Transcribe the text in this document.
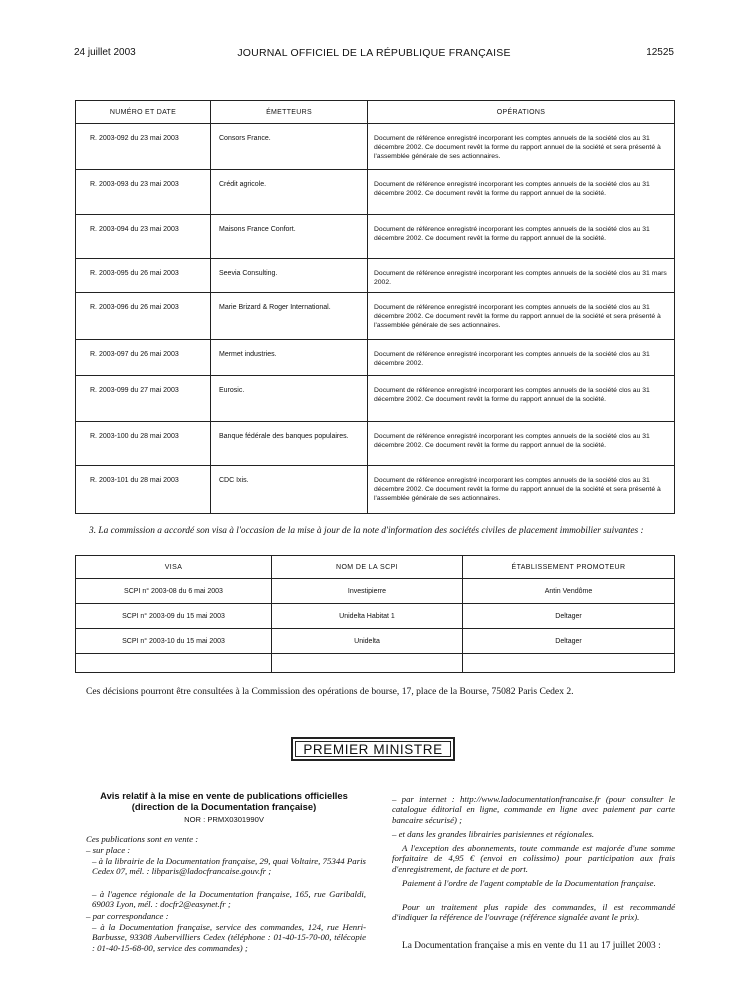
24 juillet 2003	JOURNAL OFFICIEL DE LA RÉPUBLIQUE FRANÇAISE	12525
NUMÉRO ET DATE	ÉMETTEURS	OPÉRATIONS
R. 2003-092 du 23 mai 2003	Consors France.	Document de référence enregistré incorporant les comptes annuels de la société clos au 31 décembre 2002. Ce document revêt la forme du rapport annuel de la société et sera présenté à l'assemblée générale de ses actionnaires.
R. 2003-093 du 23 mai 2003	Crédit agricole.	Document de référence enregistré incorporant les comptes annuels de la société clos au 31 décembre 2002. Ce document revêt la forme du rapport annuel de la société.
R. 2003-094 du 23 mai 2003	Maisons France Confort.	Document de référence enregistré incorporant les comptes annuels de la société clos au 31 décembre 2002. Ce document revêt la forme du rapport annuel de la société.
R. 2003-095 du 26 mai 2003	Seevia Consulting.	Document de référence enregistré incorporant les comptes annuels de la société clos au 31 mars 2002.
R. 2003-096 du 26 mai 2003	Marie Brizard & Roger International.	Document de référence enregistré incorporant les comptes annuels de la société clos au 31 décembre 2002. Ce document revêt la forme du rapport annuel de la société et sera présenté à l'assemblée générale de ses actionnaires.
R. 2003-097 du 26 mai 2003	Mermet industries.	Document de référence enregistré incorporant les comptes annuels de la société clos au 31 décembre 2002.
R. 2003-099 du 27 mai 2003	Eurosic.	Document de référence enregistré incorporant les comptes annuels de la société clos au 31 décembre 2002. Ce document revêt la forme du rapport annuel de la société.
R. 2003-100 du 28 mai 2003	Banque fédérale des banques populaires.	Document de référence enregistré incorporant les comptes annuels de la société clos au 31 décembre 2002. Ce document revêt la forme du rapport annuel de la société.
R. 2003-101 du 28 mai 2003	CDC Ixis.	Document de référence enregistré incorporant les comptes annuels de la société clos au 31 décembre 2002. Ce document revêt la forme du rapport annuel de la société et sera présenté à l'assemblée générale de ses actionnaires.

3. La commission a accordé son visa à l'occasion de la mise à jour de la note d'information des sociétés civiles de placement immobilier suivantes :

VISA	NOM DE LA SCPI	ÉTABLISSEMENT PROMOTEUR
SCPI n° 2003-08 du 6 mai 2003	Investipierre	Antin Vendôme
SCPI n° 2003-09 du 15 mai 2003	Unidelta Habitat 1	Deltager
SCPI n° 2003-10 du 15 mai 2003	Unidelta	Deltager

Ces décisions pourront être consultées à la Commission des opérations de bourse, 17, place de la Bourse, 75082 Paris Cedex 2.
PREMIER MINISTRE
Avis relatif à la mise en vente de publications officielles
(direction de la Documentation française)
NOR : PRMX0301990V
Ces publications sont en vente :
– sur place :
– à la librairie de la Documentation française, 29, quai Voltaire, 75344 Paris Cedex 07, mél. : libparis@ladocfrancaise.gouv.fr ;
– à l'agence régionale de la Documentation française, 165, rue Garibaldi, 69003 Lyon, mél. : docfr2@easynet.fr ;
– par correspondance :
– à la Documentation française, service des commandes, 124, rue Henri-Barbusse, 93308 Aubervilliers Cedex (téléphone : 01-40-15-70-00, télécopie : 01-40-15-68-00, service des commandes) ;
– par internet : http://www.ladocumentationfrancaise.fr (pour consulter le catalogue éditorial en ligne, commande en ligne avec paiement par carte bancaire sécurisé) ;
– et dans les grandes librairies parisiennes et régionales.
A l'exception des abonnements, toute commande est majorée d'une somme forfaitaire de 4,95 € (envoi en colissimo) pour participation aux frais d'enregistrement, de facture et de port.
Paiement à l'ordre de l'agent comptable de la Documentation française.
Pour un traitement plus rapide des commandes, il est recommandé d'indiquer la référence de l'ouvrage (référence signalée avant le prix).
La Documentation française a mis en vente du 11 au 17 juillet 2003 :
